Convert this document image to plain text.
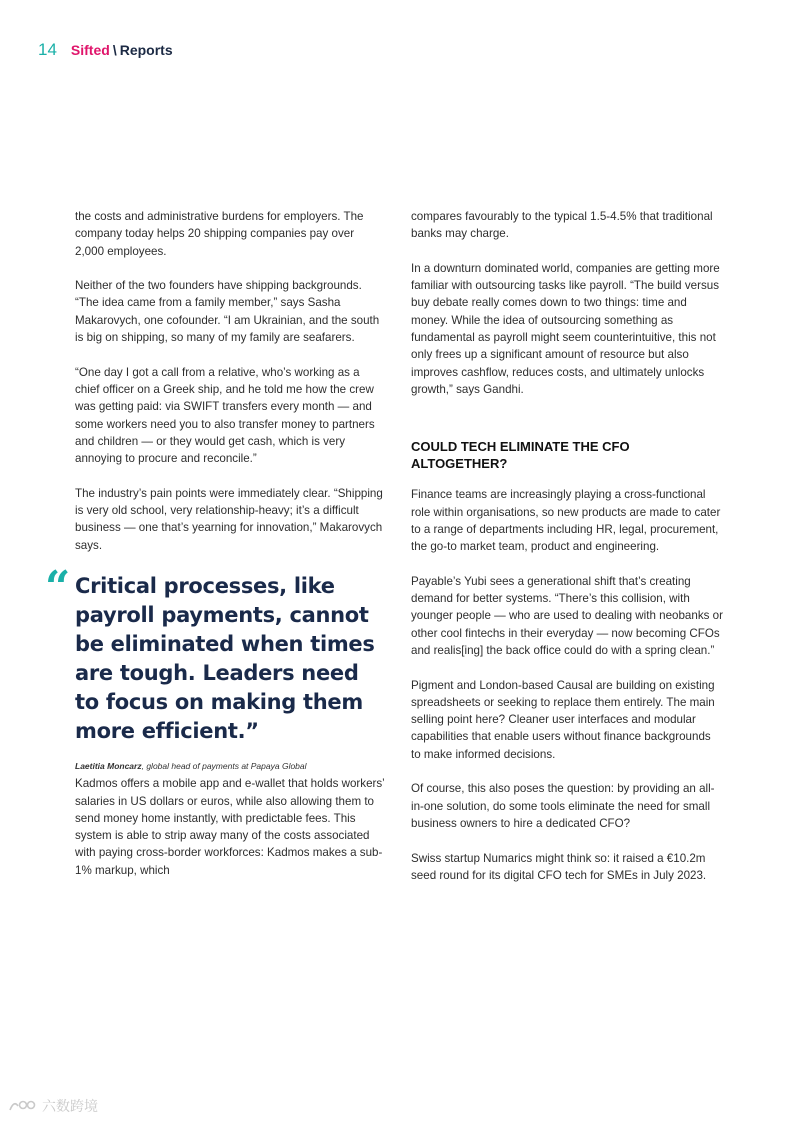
14 Sifted \ Reports

the costs and administrative burdens for employers. The company today helps 20 shipping companies pay over 2,000 employees.

Neither of the two founders have shipping backgrounds. “The idea came from a family member,” says Sasha Makarovych, one cofounder. “I am Ukrainian, and the south is big on shipping, so many of my family are seafarers.

“One day I got a call from a relative, who’s working as a chief officer on a Greek ship, and he told me how the crew was getting paid: via SWIFT transfers every month — and some workers need you to also transfer money to partners and children — or they would get cash, which is very annoying to procure and reconcile.”

The industry’s pain points were immediately clear. “Shipping is very old school, very relationship-heavy; it’s a difficult business — one that’s yearning for innovation,” Makarovych says.

“ Critical processes, like payroll payments, cannot be eliminated when times are tough. Leaders need to focus on making them more efficient.”
Laetitia Moncarz, global head of payments at Papaya Global

Kadmos offers a mobile app and e-wallet that holds workers’ salaries in US dollars or euros, while also allowing them to send money home instantly, with predictable fees. This system is able to strip away many of the costs associated with paying cross-border workforces: Kadmos makes a sub-1% markup, which

compares favourably to the typical 1.5-4.5% that traditional banks may charge.

In a downturn dominated world, companies are getting more familiar with outsourcing tasks like payroll. “The build versus buy debate really comes down to two things: time and money. While the idea of outsourcing something as fundamental as payroll might seem counterintuitive, this not only frees up a significant amount of resource but also improves cashflow, reduces costs, and ultimately unlocks growth,” says Gandhi.

COULD TECH ELIMINATE THE CFO ALTOGETHER?

Finance teams are increasingly playing a cross-functional role within organisations, so new products are made to cater to a range of departments including HR, legal, procurement, the go-to market team, product and engineering.

Payable’s Yubi sees a generational shift that’s creating demand for better systems. “There’s this collision, with younger people — who are used to dealing with neobanks or other cool fintechs in their everyday — now becoming CFOs and realis[ing] the back office could do with a spring clean.”

Pigment and London-based Causal are building on existing spreadsheets or seeking to replace them entirely. The main selling point here? Cleaner user interfaces and modular capabilities that enable users without finance backgrounds to make informed decisions.

Of course, this also poses the question: by providing an all-in-one solution, do some tools eliminate the need for small business owners to hire a dedicated CFO?

Swiss startup Numarics might think so: it raised a €10.2m seed round for its digital CFO tech for SMEs in July 2023.

六数跨境
